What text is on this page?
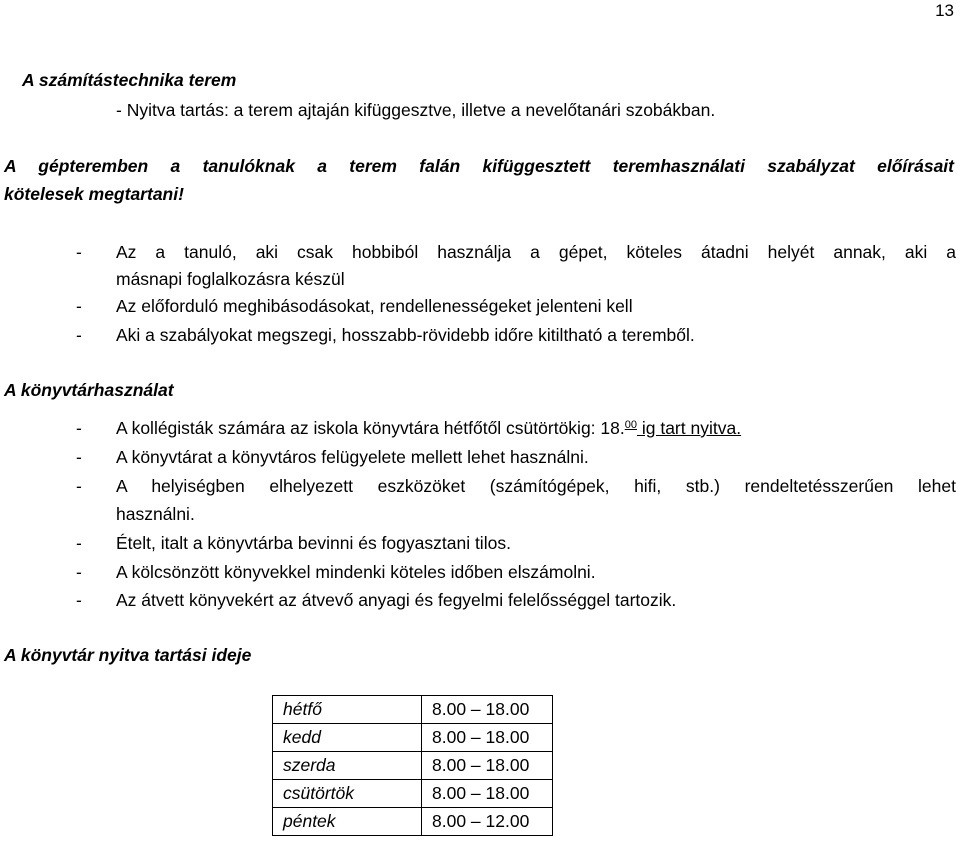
13
A számítástechnika terem
- Nyitva tartás: a terem ajtaján kifüggesztve, illetve a nevelőtanári szobákban.
A gépteremben a tanulóknak a terem falán kifüggesztett teremhasználati szabályzat előírásait
kötelesek megtartani!
- Az a tanuló, aki csak hobbiból használja a gépet, köteles átadni helyét annak, aki a
másnapi foglalkozásra készül
- Az előforduló meghibásodásokat, rendellenességeket jelenteni kell
- Aki a szabályokat megszegi, hosszabb-rövidebb időre kitiltható a teremből.
A könyvtárhasználat
- A kollégisták számára az iskola könyvtára hétfőtől csütörtökig: 18.00 ig tart nyitva.
- A könyvtárat a könyvtáros felügyelete mellett lehet használni.
- A helyiségben elhelyezett eszközöket (számítógépek, hifi, stb.) rendeltetésszerűen lehet
használni.
- Ételt, italt a könyvtárba bevinni és fogyasztani tilos.
- A kölcsönzött könyvekkel mindenki köteles időben elszámolni.
- Az átvett könyvekért az átvevő anyagi és fegyelmi felelősséggel tartozik.
A könyvtár nyitva tartási ideje
hétfő	8.00 – 18.00
kedd	8.00 – 18.00
szerda	8.00 – 18.00
csütörtök	8.00 – 18.00
péntek	8.00 – 12.00
